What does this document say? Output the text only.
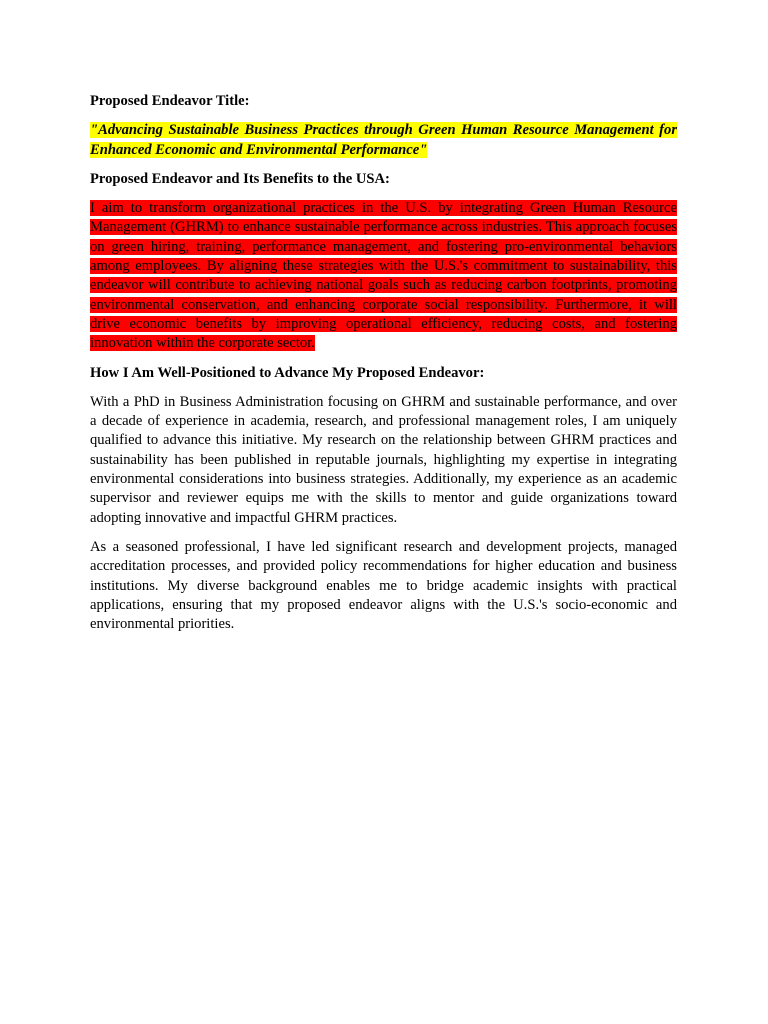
Proposed Endeavor Title:
"Advancing Sustainable Business Practices through Green Human Resource Management for Enhanced Economic and Environmental Performance"
Proposed Endeavor and Its Benefits to the USA:
I aim to transform organizational practices in the U.S. by integrating Green Human Resource Management (GHRM) to enhance sustainable performance across industries. This approach focuses on green hiring, training, performance management, and fostering pro-environmental behaviors among employees. By aligning these strategies with the U.S.'s commitment to sustainability, this endeavor will contribute to achieving national goals such as reducing carbon footprints, promoting environmental conservation, and enhancing corporate social responsibility. Furthermore, it will drive economic benefits by improving operational efficiency, reducing costs, and fostering innovation within the corporate sector.
How I Am Well-Positioned to Advance My Proposed Endeavor:
With a PhD in Business Administration focusing on GHRM and sustainable performance, and over a decade of experience in academia, research, and professional management roles, I am uniquely qualified to advance this initiative. My research on the relationship between GHRM practices and sustainability has been published in reputable journals, highlighting my expertise in integrating environmental considerations into business strategies. Additionally, my experience as an academic supervisor and reviewer equips me with the skills to mentor and guide organizations toward adopting innovative and impactful GHRM practices.
As a seasoned professional, I have led significant research and development projects, managed accreditation processes, and provided policy recommendations for higher education and business institutions. My diverse background enables me to bridge academic insights with practical applications, ensuring that my proposed endeavor aligns with the U.S.'s socio-economic and environmental priorities.
